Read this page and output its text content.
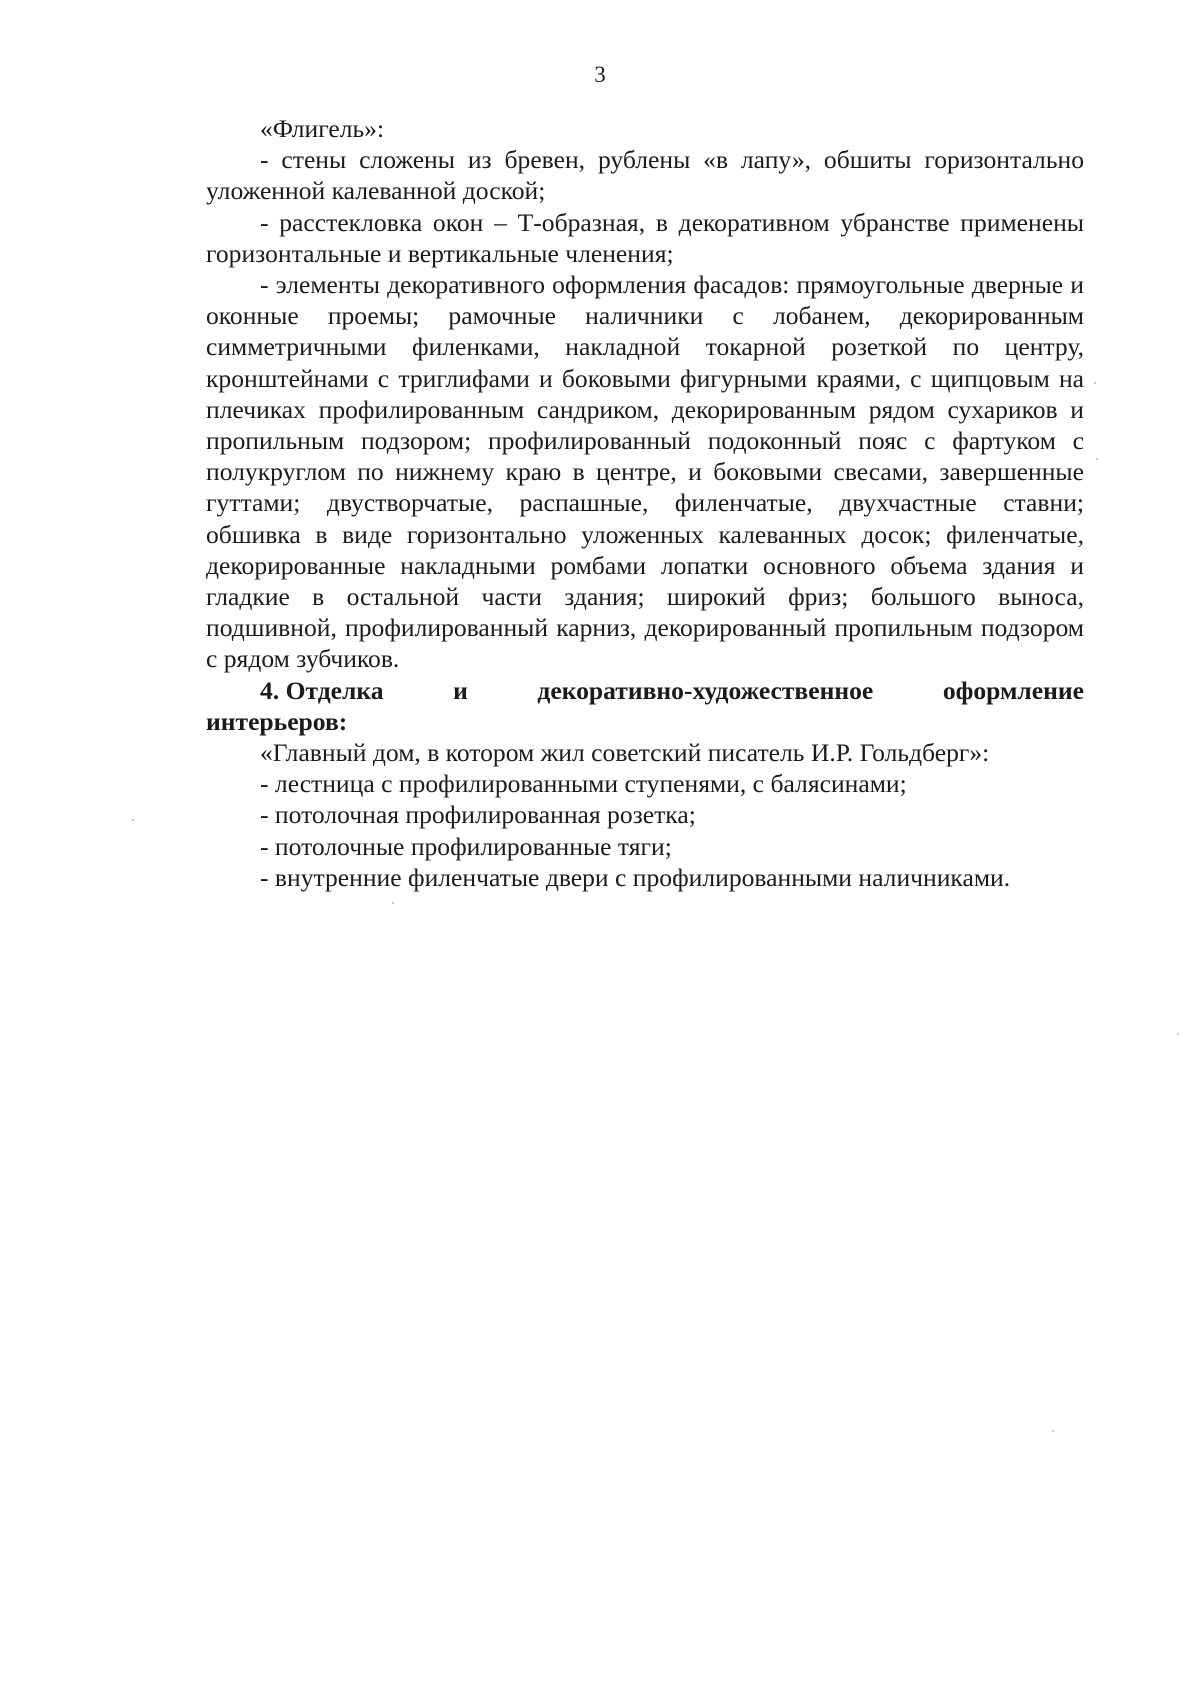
3

«Флигель»:

- стены сложены из бревен, рублены «в лапу», обшиты горизонтально уложенной калеванной доской;

- расстекловка окон – Т-образная, в декоративном убранстве применены горизонтальные и вертикальные членения;

- элементы декоративного оформления фасадов: прямоугольные дверные и оконные проемы; рамочные наличники с лобанем, декорированным симметричными филенками, накладной токарной розеткой по центру, кронштейнами с триглифами и боковыми фигурными краями, с щипцовым на плечиках профилированным сандриком, декорированным рядом сухариков и пропильным подзором; профилированный подоконный пояс с фартуком с полукруглом по нижнему краю в центре, и боковыми свесами, завершенные гуттами; двустворчатые, распашные, филенчатые, двухчастные ставни; обшивка в виде горизонтально уложенных калеванных досок; филенчатые, декорированные накладными ромбами лопатки основного объема здания и гладкие в остальной части здания; широкий фриз; большого выноса, подшивной, профилированный карниз, декорированный пропильным подзором с рядом зубчиков.

4. Отделка	и	декоративно-художественное	оформление
интерьеров:

«Главный дом, в котором жил советский писатель И.Р. Гольдберг»:

- лестница с профилированными ступенями, с балясинами;

- потолочная профилированная розетка;

- потолочные профилированные тяги;

- внутренние филенчатые двери с профилированными наличниками.
